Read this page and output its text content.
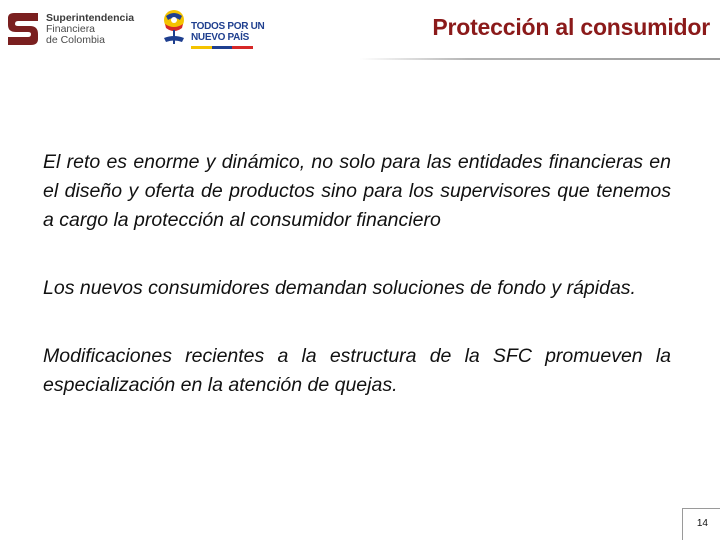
Superintendencia
Financiera
de Colombia
TODOS POR UN
NUEVO PAÍS	Protección al consumidor

El reto es enorme y dinámico, no solo para las entidades financieras en el diseño y oferta de productos sino para los supervisores que tenemos a cargo la protección al consumidor financiero

Los nuevos consumidores demandan soluciones de fondo y rápidas.

Modificaciones recientes a la estructura de la SFC promueven la especialización en la atención de quejas.

14
